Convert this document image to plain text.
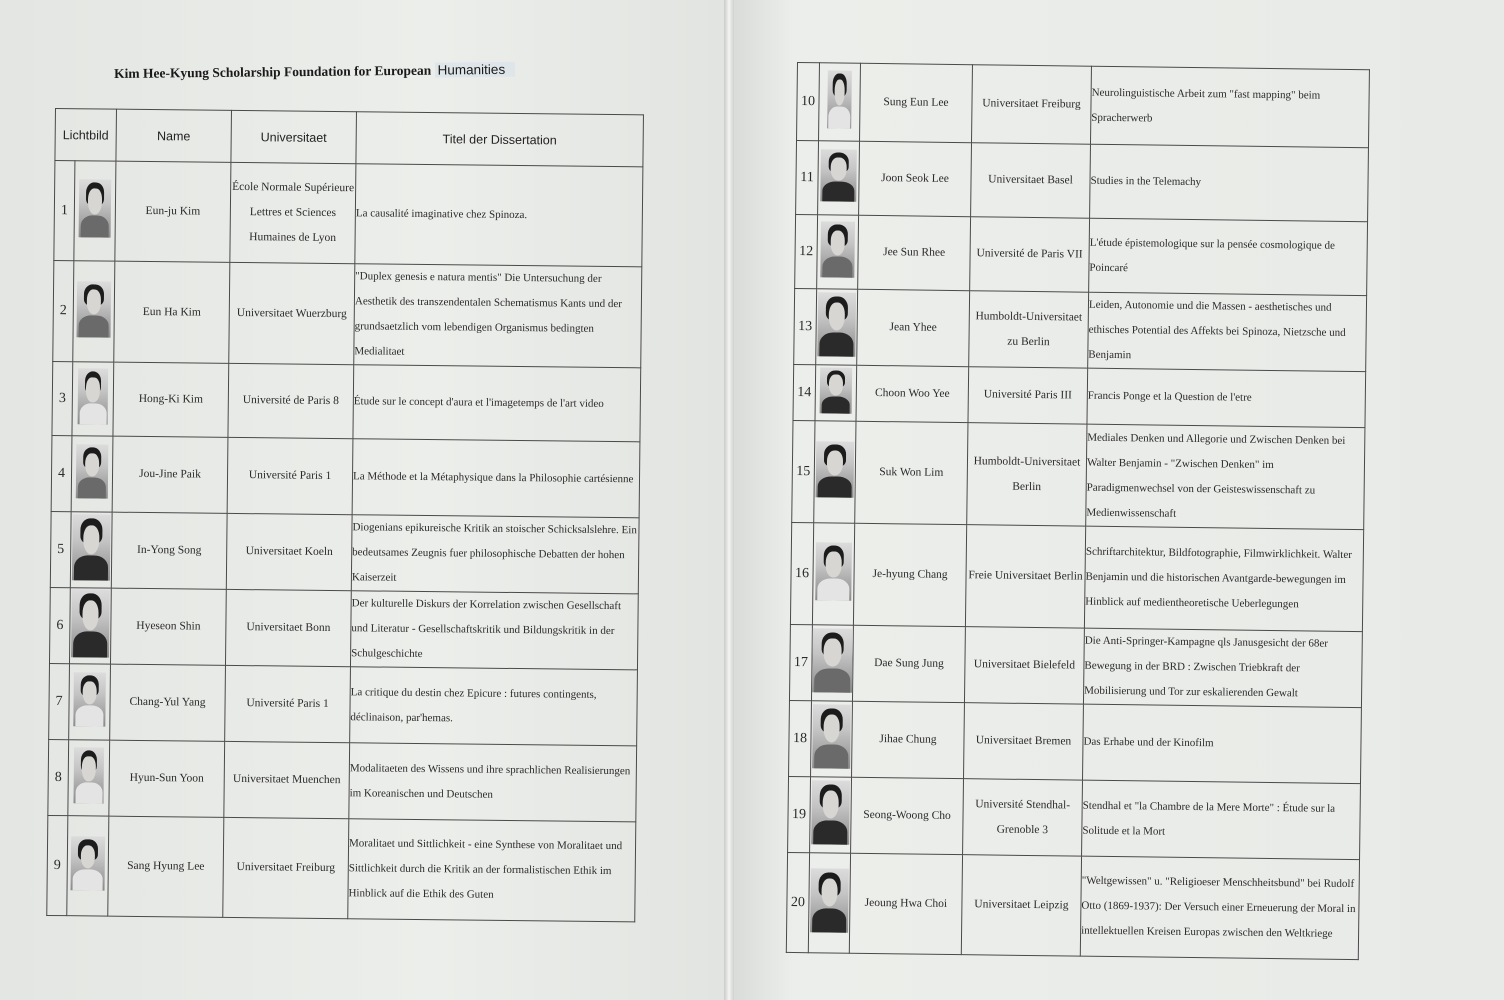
Kim Hee-Kyung Scholarship Foundation for European Humanities
Lichtbild		Name	Universitaet	Titel der Dissertation
1		Eun-ju Kim	École Normale Supérieure Lettres et Sciences Humaines de Lyon	La causalité imaginative chez Spinoza.
2		Eun Ha Kim	Universitaet Wuerzburg	"Duplex genesis e natura mentis" Die Untersuchung der Aesthetik des transzendentalen Schematismus Kants und der grundsaetzlich vom lebendigen Organismus bedingten Medialitaet
3		Hong-Ki Kim	Université de Paris 8	Étude sur le concept d'aura et l'imagetemps de l'art video
4		Jou-Jine Paik	Université Paris 1	La Méthode et la Métaphysique dans la Philosophie cartésienne
5		In-Yong Song	Universitaet Koeln	Diogenians epikureische Kritik an stoischer Schicksalslehre. Ein bedeutsames Zeugnis fuer philosophische Debatten der hohen Kaiserzeit
6		Hyeseon Shin	Universitaet Bonn	Der kulturelle Diskurs der Korrelation zwischen Gesellschaft und Literatur - Gesellschaftskritik und Bildungskritik in der Schulgeschichte
7		Chang-Yul Yang	Université Paris 1	La critique du destin chez Epicure : futures contingents, déclinaison, par'hemas.
8		Hyun-Sun Yoon	Universitaet Muenchen	Modalitaeten des Wissens und ihre sprachlichen Realisierungen im Koreanischen und Deutschen
9		Sang Hyung Lee	Universitaet Freiburg	Moralitaet und Sittlichkeit - eine Synthese von Moralitaet und Sittlichkeit durch die Kritik an der formalistischen Ethik im Hinblick auf die Ethik des Guten
10		Sung Eun Lee	Universitaet Freiburg	Neurolinguistische Arbeit zum "fast mapping" beim Spracherwerb
11		Joon Seok Lee	Universitaet Basel	Studies in the Telemachy
12		Jee Sun Rhee	Université de Paris VII	L'étude épistemologique sur la pensée cosmologique de Poincaré
13		Jean Yhee	Humboldt-Universitaet zu Berlin	Leiden, Autonomie und die Massen - aesthetisches und ethisches Potential des Affekts bei Spinoza, Nietzsche und Benjamin
14		Choon Woo Yee	Université Paris III	Francis Ponge et la Question de l'etre
15		Suk Won Lim	Humboldt-Universitaet Berlin	Mediales Denken und Allegorie und Zwischen Denken bei Walter Benjamin - "Zwischen Denken" im Paradigmenwechsel von der Geisteswissenschaft zu Medienwissenschaft
16		Je-hyung Chang	Freie Universitaet Berlin	Schriftarchitektur, Bildfotographie, Filmwirklichkeit. Walter Benjamin und die historischen Avantgarde-bewegungen im Hinblick auf medientheoretische Ueberlegungen
17		Dae Sung Jung	Universitaet Bielefeld	Die Anti-Springer-Kampagne qls Janusgesicht der 68er Bewegung in der BRD : Zwischen Triebkraft der Mobilisierung und Tor zur eskalierenden Gewalt
18		Jihae Chung	Universitaet Bremen	Das Erhabe und der Kinofilm
19		Seong-Woong Cho	Université Stendhal- Grenoble 3	Stendhal et "la Chambre de la Mere Morte" : Étude sur la Solitude et la Mort
20		Jeoung Hwa Choi	Universitaet Leipzig	"Weltgewissen" u. "Religioeser Menschheitsbund" bei Rudolf Otto (1869-1937): Der Versuch einer Erneuerung der Moral in intellektuellen Kreisen Europas zwischen den Weltkriege
